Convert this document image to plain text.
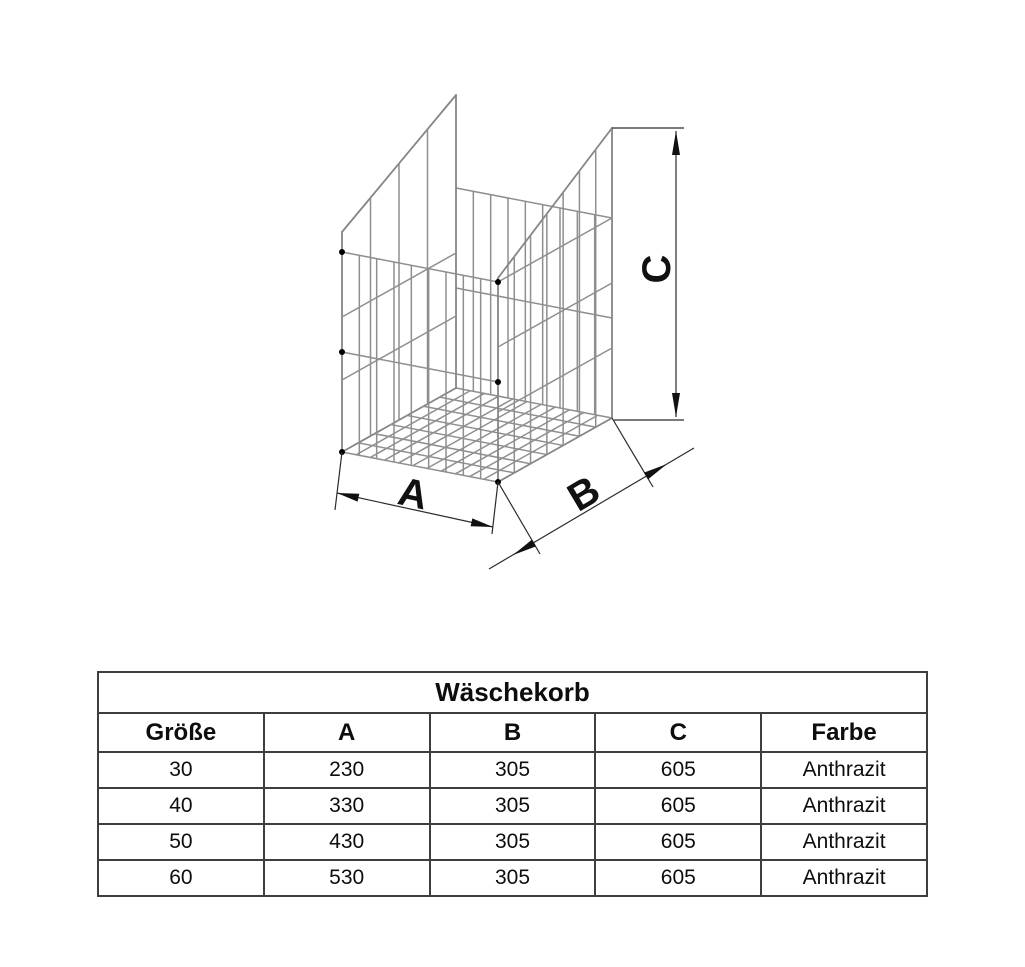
A	B
C
Wäschekorb				
Größe	A	B	C	Farbe
30	230	305	605	Anthrazit
40	330	305	605	Anthrazit
50	430	305	605	Anthrazit
60	530	305	605	Anthrazit
